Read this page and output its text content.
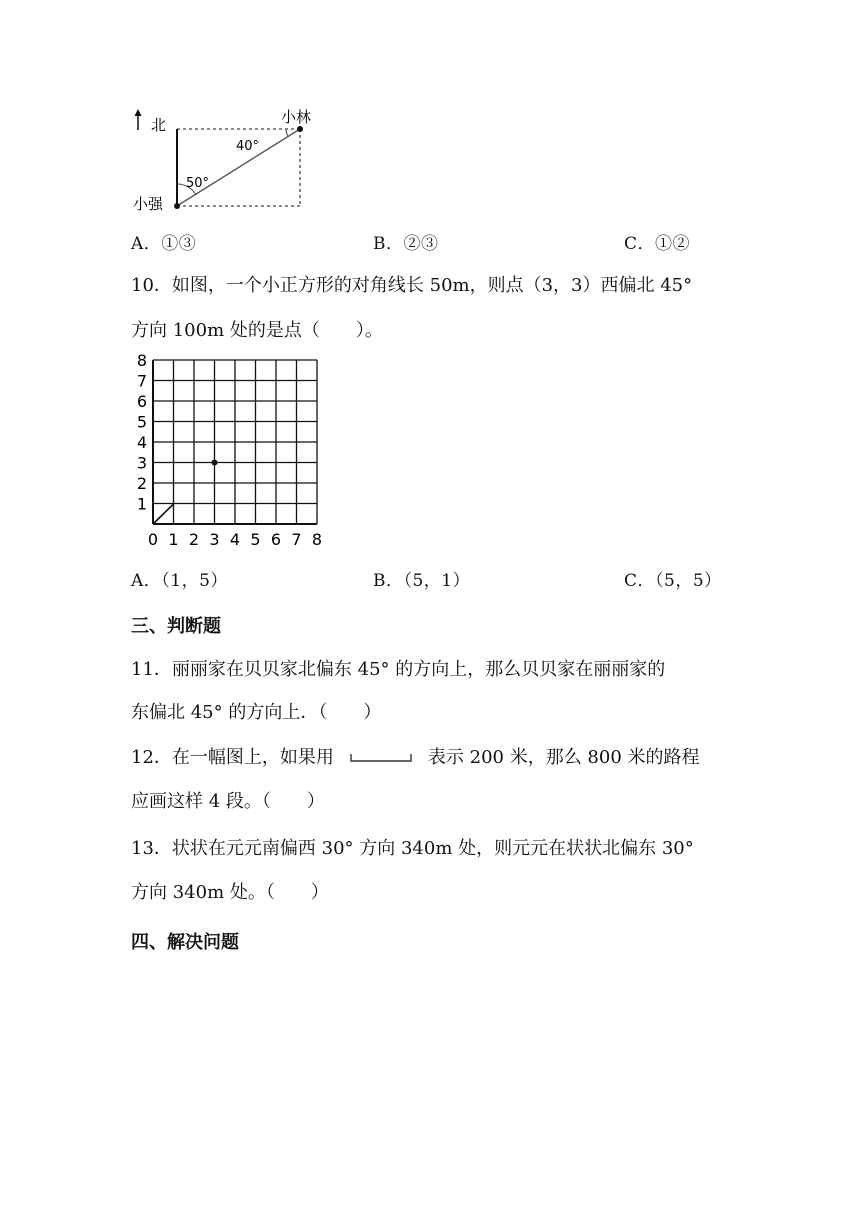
北	小林
小强
40°
50°
A．①③	B．②③	C．①②
10．如图，一个小正方形的对角线长 50m，则点（3，3）西偏北 45°
方向 100m 处的是点（　　）。
0 1 2 3 4 5 6 7 8
8
7
6
5
4
3
2
1
A．（1，5）	B．（5，1）	C．（5，5）
三、判断题
11．丽丽家在贝贝家北偏东 45° 的方向上，那么贝贝家在丽丽家的
东偏北 45° 的方向上．（　　）
12．在一幅图上，如果用	表示 200 米，那么 800 米的路程
应画这样 4 段。（　　）
13．状状在元元南偏西 30° 方向 340m 处，则元元在状状北偏东 30°
方向 340m 处。（　　）
四、解决问题
